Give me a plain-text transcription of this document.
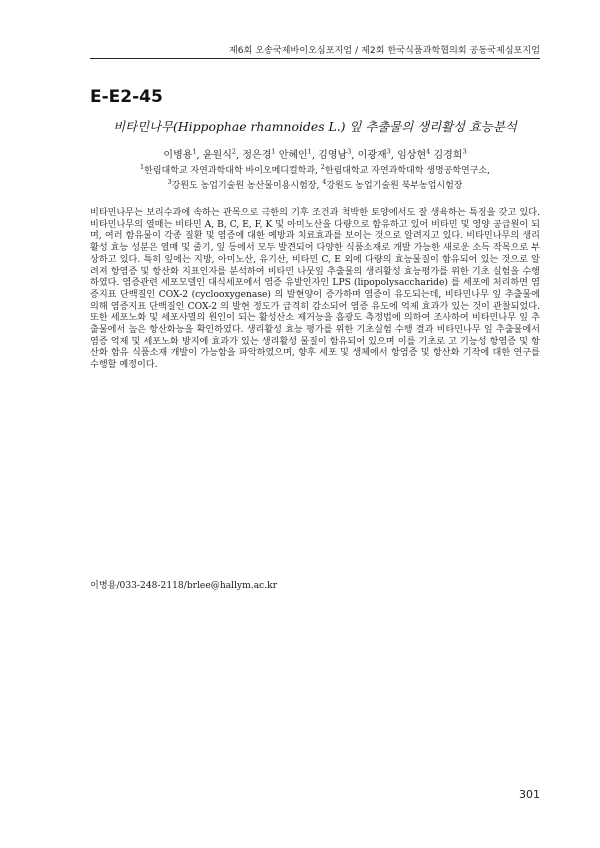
제6회 오송국제바이오심포지엄 / 제2회 한국식품과학협의회 공동국제심포지엄
E-E2-45
비타민나무(Hippophae rhamnoides L.) 잎 추출물의 생리활성 효능분석
이병용$^1$, 윤원식$^2$, 정은경$^1$ 안혜인$^1$, 김영남$^3$, 이광재$^3$, 임상현$^4$ 김경희$^3$
$^1$한림대학교 자연과학대학 바이오메디컬학과, $^2$한림대학교 자연과학대학 생명공학연구소,
$^3$강원도 농업기술원 농산물이용시험장, $^4$강원도 농업기술원 북부농업시험장

비타민나무는 보리수과에 속하는 관목으로 극한의 기후 조건과 척박한 토양에서도 잘 생육하는 특징을 갖고 있다. 비타민나무의 열매는 비타민 A, B, C, E, F, K 및 아미노산을 다량으로 함유하고 있어 비타민 및 영양 공급원이 되며, 여러 함유물이 각종 질환 및 염증에 대한 예방과 치료효과를 보이는 것으로 알려지고 있다. 비타민나무의 생리활성 효능 성분은 열매 및 줄기, 잎 등에서 모두 발견되어 다양한 식품소재로 개발 가능한 새로운 소득 작목으로 부상하고 있다. 특히 잎에는 지방, 아미노산, 유기산, 비타민 C, E 외에 다량의 효능물질이 함유되어 있는 것으로 알려져 항염증 및 항산화 지표인자를 분석하여 비타민 나뭇잎 추출물의 생리활성 효능평가를 위한 기초 실험을 수행하였다. 염증관련 세포모델인 대식세포에서 염증 유발인자인 LPS (lipopolysaccharide) 를 세포에 처리하면 염증지표 단백질인 COX-2 (cyclooxygenase) 의 발현양이 증가하며 염증이 유도되는데, 비타민나무 잎 추출물에 의해 염증지표 단백질인 COX-2 의 발현 정도가 급격히 감소되어 염증 유도에 억제 효과가 있는 것이 관찰되었다. 또한 세포노화 및 세포사멸의 원인이 되는 활성산소 제거능을 흡광도 측정법에 의하여 조사하여 비타민나무 잎 추출물에서 높은 항산화능을 확인하였다. 생리활성 효능 평가를 위한 기초실험 수행 결과 비타민나무 잎 추출물에서 염증 억제 및 세포노화 방지에 효과가 있는 생리활성 물질이 함유되어 있으며 이를 기초로 고 기능성 항염증 및 항산화 함유 식품소재 개발이 가능함을 파악하였으며, 향후 세포 및 생체에서 항염증 및 항산화 기작에 대한 연구를 수행할 예정이다.

이병용/033-248-2118/brlee@hallym.ac.kr
301
